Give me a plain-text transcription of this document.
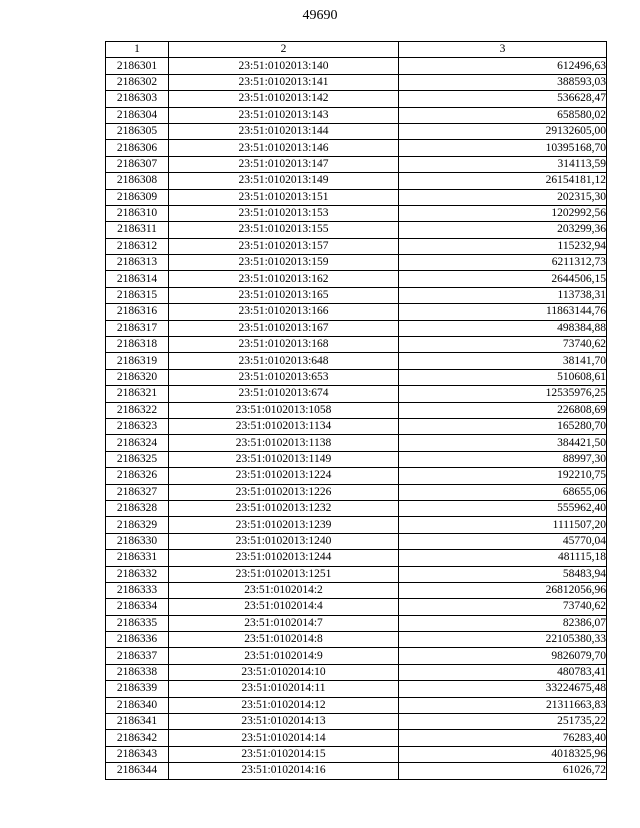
49690
1	2	3
2186301	23:51:0102013:140	612496,63
2186302	23:51:0102013:141	388593,03
2186303	23:51:0102013:142	536628,47
2186304	23:51:0102013:143	658580,02
2186305	23:51:0102013:144	29132605,00
2186306	23:51:0102013:146	10395168,70
2186307	23:51:0102013:147	314113,59
2186308	23:51:0102013:149	26154181,12
2186309	23:51:0102013:151	202315,30
2186310	23:51:0102013:153	1202992,56
2186311	23:51:0102013:155	203299,36
2186312	23:51:0102013:157	115232,94
2186313	23:51:0102013:159	6211312,73
2186314	23:51:0102013:162	2644506,15
2186315	23:51:0102013:165	113738,31
2186316	23:51:0102013:166	11863144,76
2186317	23:51:0102013:167	498384,88
2186318	23:51:0102013:168	73740,62
2186319	23:51:0102013:648	38141,70
2186320	23:51:0102013:653	510608,61
2186321	23:51:0102013:674	12535976,25
2186322	23:51:0102013:1058	226808,69
2186323	23:51:0102013:1134	165280,70
2186324	23:51:0102013:1138	384421,50
2186325	23:51:0102013:1149	88997,30
2186326	23:51:0102013:1224	192210,75
2186327	23:51:0102013:1226	68655,06
2186328	23:51:0102013:1232	555962,40
2186329	23:51:0102013:1239	1111507,20
2186330	23:51:0102013:1240	45770,04
2186331	23:51:0102013:1244	481115,18
2186332	23:51:0102013:1251	58483,94
2186333	23:51:0102014:2	26812056,96
2186334	23:51:0102014:4	73740,62
2186335	23:51:0102014:7	82386,07
2186336	23:51:0102014:8	22105380,33
2186337	23:51:0102014:9	9826079,70
2186338	23:51:0102014:10	480783,41
2186339	23:51:0102014:11	33224675,48
2186340	23:51:0102014:12	21311663,83
2186341	23:51:0102014:13	251735,22
2186342	23:51:0102014:14	76283,40
2186343	23:51:0102014:15	4018325,96
2186344	23:51:0102014:16	61026,72
